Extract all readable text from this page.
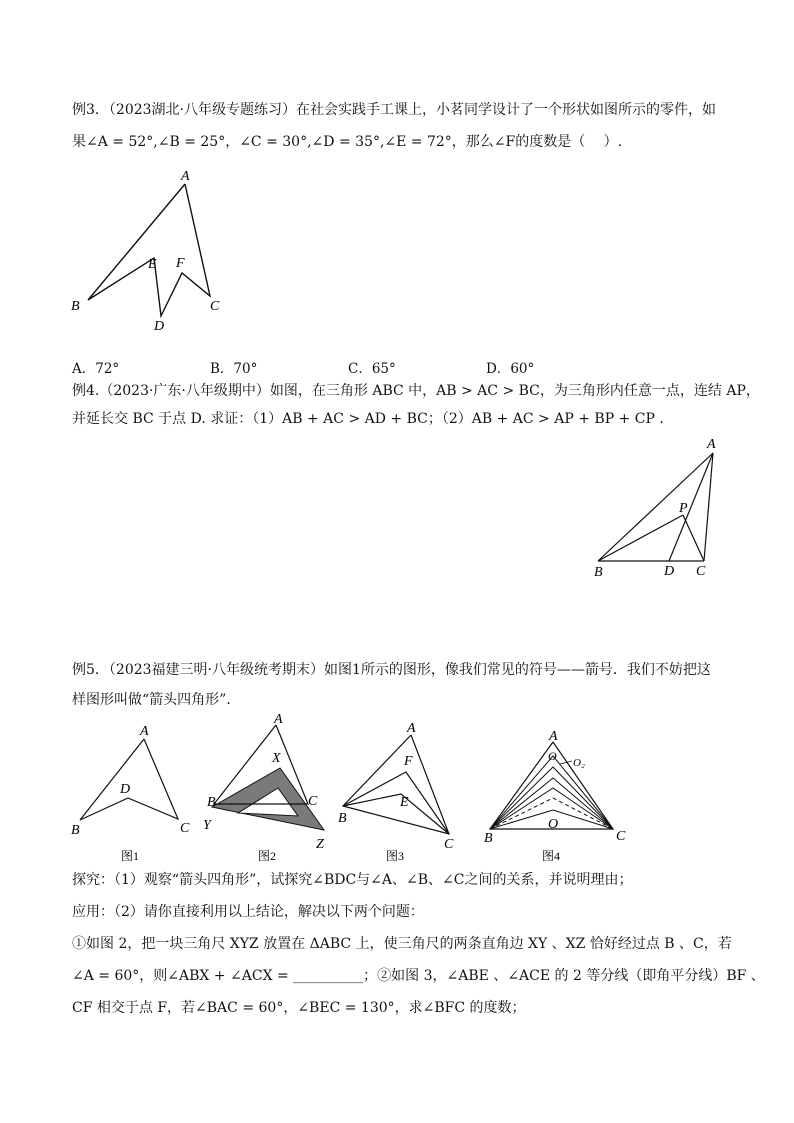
例3．（2023湖北·八年级专题练习）在社会实践手工课上，小茗同学设计了一个形状如图所示的零件，如
果∠A = 52°,∠B = 25°，∠C = 30°,∠D = 35°,∠E = 72°，那么∠F的度数是（　 ）.
A
B	C
D
E F
A．72°	B．70°	C．65°	D．60°
例4.（2023·广东·八年级期中）如图，在三角形 ABC 中，AB > AC > BC，为三角形内任意一点，连结 AP，
并延长交 BC 于点 D. 求证：（1）AB + AC > AD + BC；（2）AB + AC > AP + BP + CP .
A
B	D C
P
例5．（2023福建三明·八年级统考期末）如图1所示的图形，像我们常见的符号——箭号．我们不妨把这
样图形叫做“箭头四角形”．
A
B	C
D
图1
A
X
B	C
Y
Z
图2
A
F
E
B
C
图3
A
O O₂
O
B	C
图4
探究：（1）观察“箭头四角形”，试探究∠BDC与∠A、∠B、∠C之间的关系，并说明理由；
应用：（2）请你直接利用以上结论，解决以下两个问题：
①如图 2，把一块三角尺 XYZ 放置在 ΔABC 上，使三角尺的两条直角边 XY 、XZ 恰好经过点 B 、C，若
∠A = 60°，则∠ABX + ∠ACX = __________；②如图 3，∠ABE 、∠ACE 的 2 等分线（即角平分线）BF 、
CF 相交于点 F，若∠BAC = 60°，∠BEC = 130°，求∠BFC 的度数；
